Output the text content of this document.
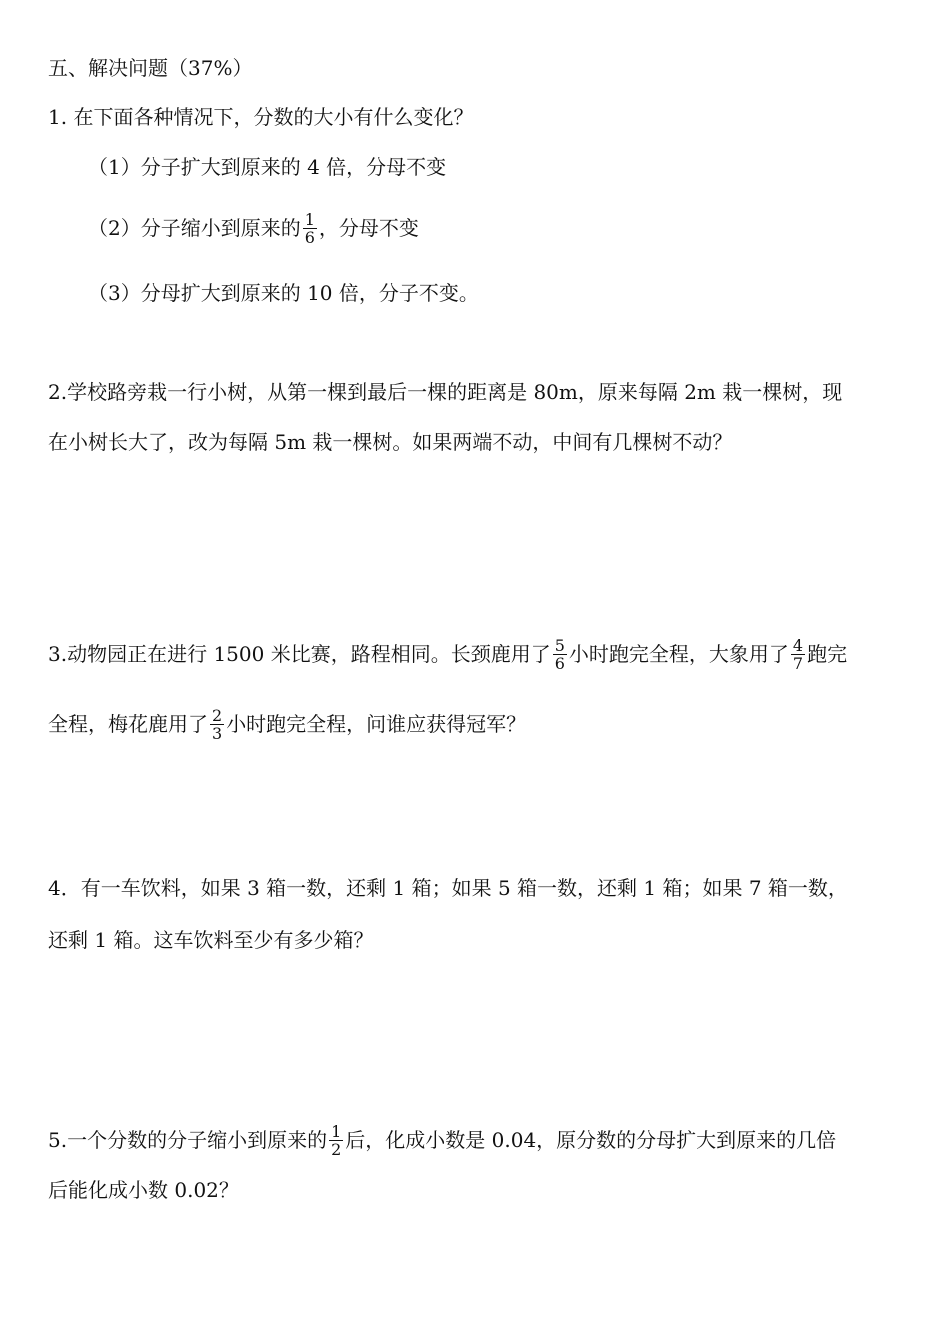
五、解决问题（37%）
1. 在下面各种情况下，分数的大小有什么变化？
（1）分子扩大到原来的 4 倍，分母不变
（2）分子缩小到原来的 $\frac{1}{6}$ ，分母不变
（3）分母扩大到原来的 10 倍，分子不变。
2.学校路旁栽一行小树，从第一棵到最后一棵的距离是 80m，原来每隔 2m 栽一棵树，现
在小树长大了，改为每隔 5m 栽一棵树。如果两端不动，中间有几棵树不动？
3.动物园正在进行 1500 米比赛，路程相同。长颈鹿用了 $\frac{5}{6}$ 小时跑完全程，大象用了 $\frac{4}{7}$ 跑完
全程，梅花鹿用了 $\frac{2}{3}$ 小时跑完全程，问谁应获得冠军？
4．有一车饮料，如果 3 箱一数，还剩 1 箱；如果 5 箱一数，还剩 1 箱；如果 7 箱一数，
还剩 1 箱。这车饮料至少有多少箱？
5.一个分数的分子缩小到原来的 $\frac{1}{2}$ 后，化成小数是 0.04，原分数的分母扩大到原来的几倍
后能化成小数 0.02？
